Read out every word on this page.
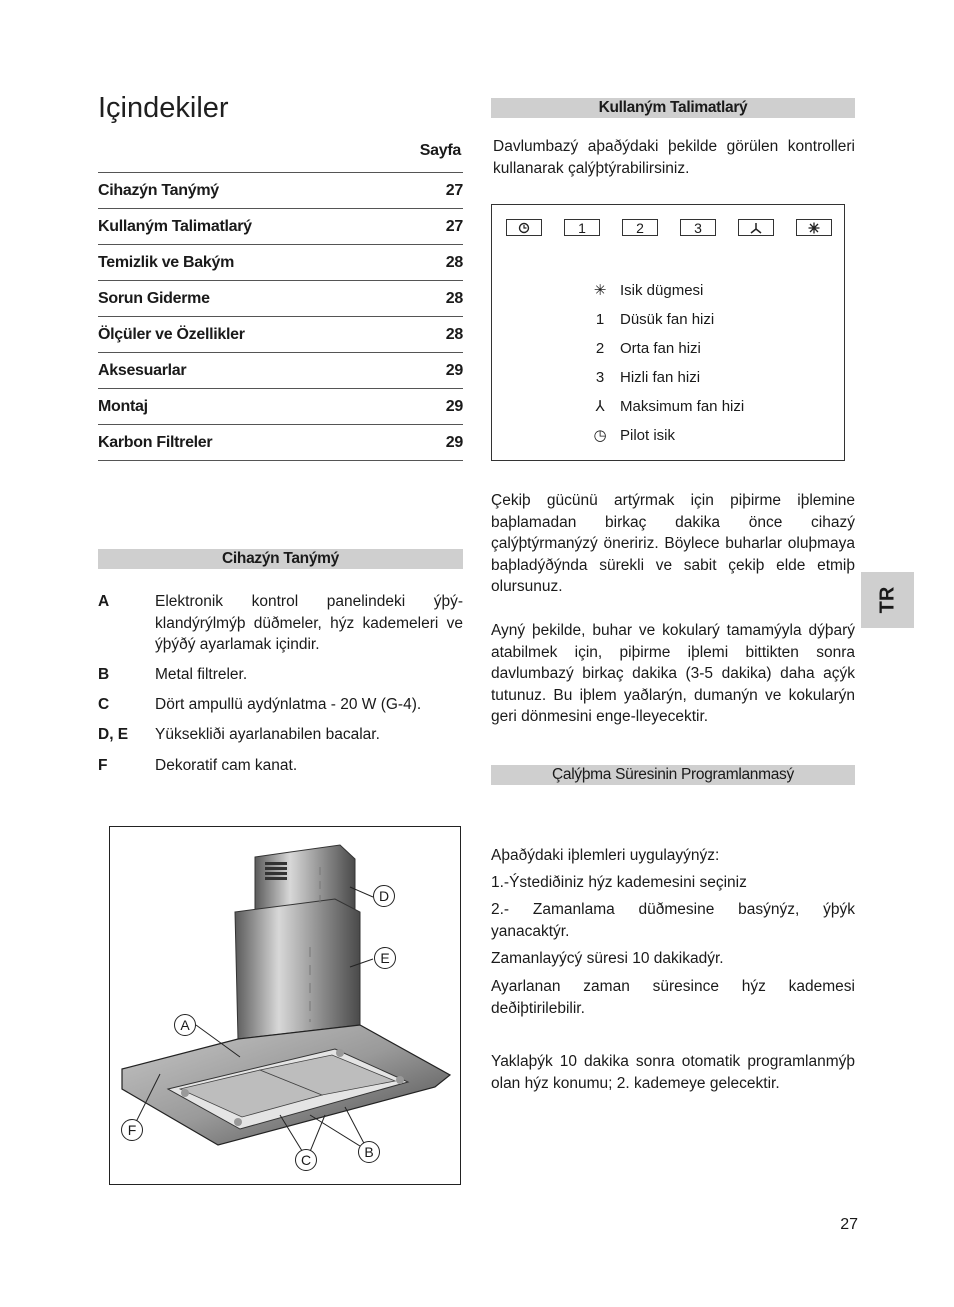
Içindekiler
Sayfa
Cihazýn Tanýmý	27
Kullaným Talimatlarý	27
Temizlik ve Bakým	28
Sorun Giderme	28
Ölçüler ve Özellikler	28
Aksesuarlar	29
Montaj	29
Karbon Filtreler	29
Cihazýn Tanýmý
A	Elektronik kontrol panelindeki ýþý-klandýrýlmýþ düðmeler, hýz kademeleri ve ýþýðý ayarlamak içindir.
B	Metal filtreler.
C	Dört ampullü aydýnlatma - 20 W (G-4).
D, E	Yüksekliði ayarlanabilen bacalar.
F	Dekoratif cam kanat.
D
E
A
F
C	B
Kullaným Talimatlarý
Davlumbazý aþaðýdaki þekilde görülen kontrolleri kullanarak çalýþtýrabilirsiniz.
1	2	3
✳ Isik dügmesi
1	Düsük fan hizi
2	Orta fan hizi
3	Hizli fan hizi
⅄	Maksimum fan hizi
◷ Pilot isik
Çekiþ gücünü artýrmak için piþirme iþlemine baþlamadan birkaç dakika önce cihazý çalýþtýrmanýzý öneririz. Böylece buharlar oluþmaya baþladýðýnda sürekli ve sabit çekiþ elde etmiþ olursunuz.
Ayný þekilde, buhar ve kokularý tamamýyla dýþarý atabilmek için, piþirme iþlemi bittikten sonra davlumbazý birkaç dakika (3-5 dakika) daha açýk tutunuz. Bu iþlem yaðlarýn, dumanýn ve kokularýn geri dönmesini enge-lleyecektir.
Çalýþma Süresinin Programlanmasý
Aþaðýdaki iþlemleri uygulayýnýz:
1.-Ýstediðiniz hýz kademesini seçiniz
2.- Zamanlama düðmesine basýnýz, ýþýk yanacaktýr.
Zamanlayýcý süresi 10 dakikadýr.
Ayarlanan zaman süresince hýz kademesi deðiþtirilebilir.
Yaklaþýk 10 dakika sonra otomatik programlanmýþ olan hýz konumu; 2. kademeye gelecektir.
TR
27
